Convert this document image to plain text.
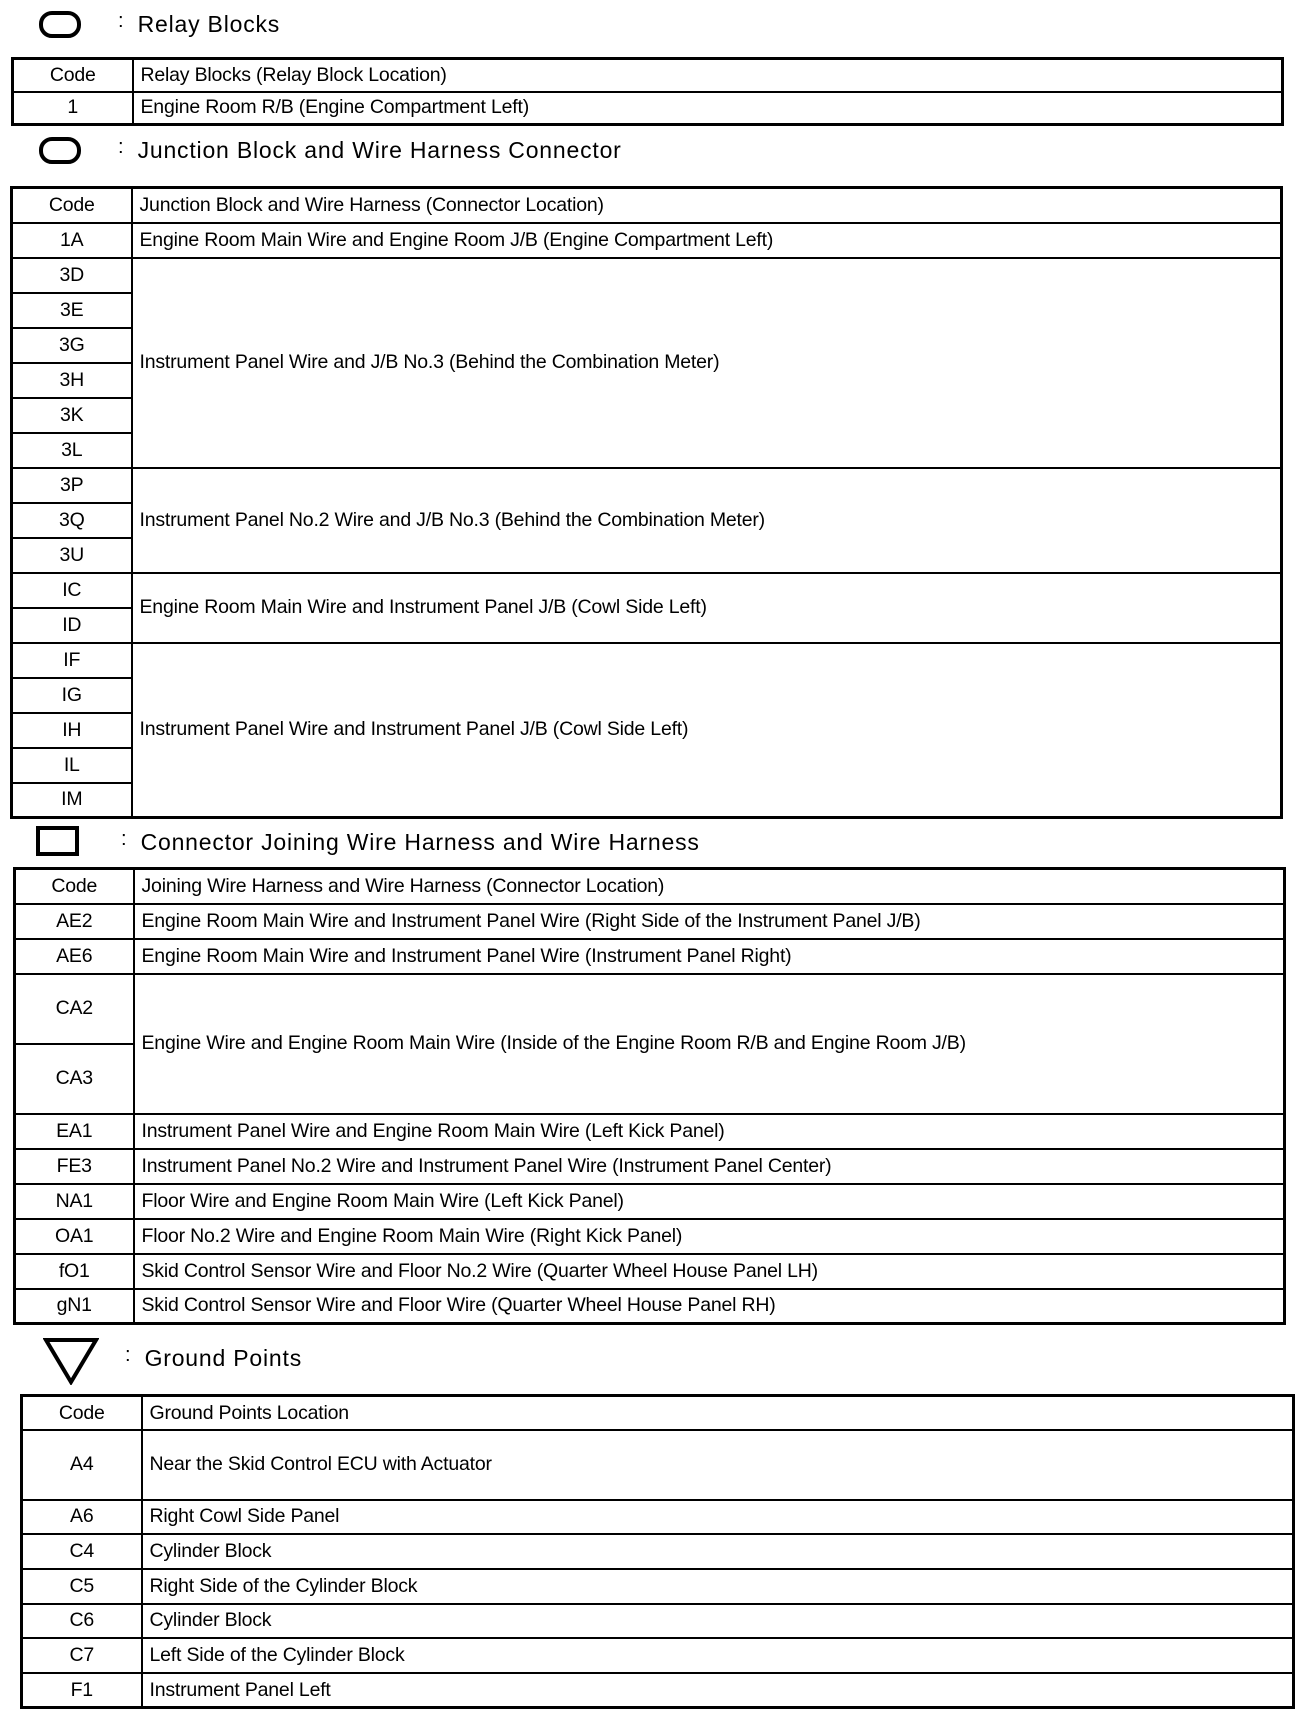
: Relay Blocks
Code	Relay Blocks (Relay Block Location)
1	Engine Room R/B (Engine Compartment Left)
: Junction Block and Wire Harness Connector
Code	Junction Block and Wire Harness (Connector Location)
1A	Engine Room Main Wire and Engine Room J/B (Engine Compartment Left)
3D	Instrument Panel Wire and J/B No.3 (Behind the Combination Meter)
3E	
3G	
3H	
3K	
3L	
3P	Instrument Panel No.2 Wire and J/B No.3 (Behind the Combination Meter)
3Q	
3U	
IC	Engine Room Main Wire and Instrument Panel J/B (Cowl Side Left)
ID	
IF	Instrument Panel Wire and Instrument Panel J/B (Cowl Side Left)
IG	
IH	
IL	
IM	
: Connector Joining Wire Harness and Wire Harness
Code	Joining Wire Harness and Wire Harness (Connector Location)
AE2	Engine Room Main Wire and Instrument Panel Wire (Right Side of the Instrument Panel J/B)
AE6	Engine Room Main Wire and Instrument Panel Wire (Instrument Panel Right)
CA2	Engine Wire and Engine Room Main Wire (Inside of the Engine Room R/B and Engine Room J/B)
CA3	
EA1	Instrument Panel Wire and Engine Room Main Wire (Left Kick Panel)
FE3	Instrument Panel No.2 Wire and Instrument Panel Wire (Instrument Panel Center)
NA1	Floor Wire and Engine Room Main Wire (Left Kick Panel)
OA1	Floor No.2 Wire and Engine Room Main Wire (Right Kick Panel)
fO1	Skid Control Sensor Wire and Floor No.2 Wire (Quarter Wheel House Panel LH)
gN1	Skid Control Sensor Wire and Floor Wire (Quarter Wheel House Panel RH)
: Ground Points
Code	Ground Points Location
A4	Near the Skid Control ECU with Actuator
A6	Right Cowl Side Panel
C4	Cylinder Block
C5	Right Side of the Cylinder Block
C6	Cylinder Block
C7	Left Side of the Cylinder Block
F1	Instrument Panel Left
